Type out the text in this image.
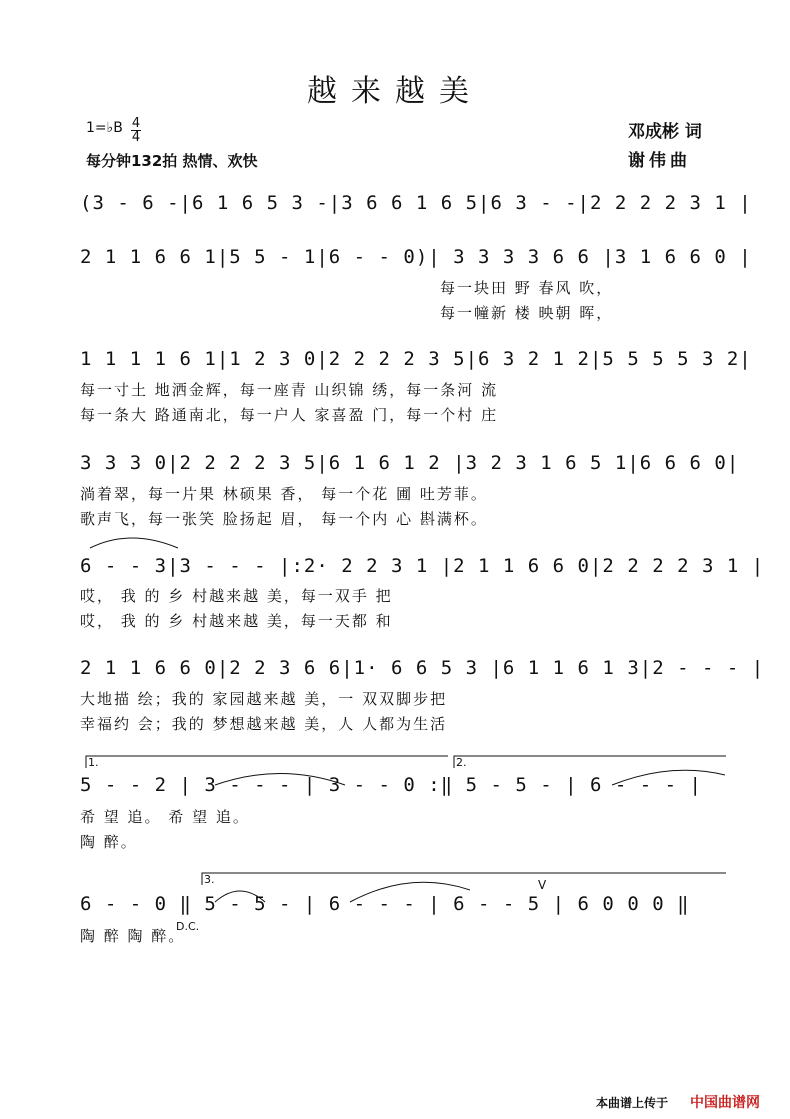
越来越美
1=♭B 4
4
每分钟132拍 热情、欢快
邓成彬 词
谢伟曲
(3 - 6 -|6 1 6 5 3 -|3 6 6 1 6 5|6 3 - -|2 2 2 2 3 1 |
2 1 1 6 6 1|5 5 - 1|6 - - 0)| 3 3 3 3 6 6 |3 1 6 6 0 |
每一块田 野 春风 吹，
每一幢新 楼 映朝 晖，
1 1 1 1 6 1|1 2 3 0|2 2 2 2 3 5|6 3 2 1 2|5 5 5 5 3 2|
每一寸土 地洒金辉，每一座青 山织锦 绣，每一条河 流
每一条大 路通南北，每一户人 家喜盈 门，每一个村 庄
3 3 3 0|2 2 2 2 3 5|6 1 6 1 2 |3 2 3 1 6 5 1|6 6 6 0|
淌着翠，每一片果 林硕果 香， 每一个花 圃 吐芳菲。
歌声飞，每一张笑 脸扬起 眉， 每一个内 心 斟满杯。
6 - - 3|3 - - - |:2· 2 2 3 1 |2 1 1 6 6 0|2 2 2 2 3 1 |
哎， 我 的 乡 村越来越 美，每一双手 把
哎， 我 的 乡 村越来越 美，每一天都 和
2 1 1 6 6 0|2 2 3 6 6|1· 6 6 5 3 |6 1 1 6 1 3|2 - - - |
大地描 绘；我的 家园越来越 美，一 双双脚步把
幸福约 会；我的 梦想越来越 美，人 人都为生活
1.	2.
5 - - 2 | 3 - - - | 3 - - 0 :‖ 5 - 5 - | 6 - - - |
希 望 追。 希 望 追。
陶 醉。
3.	V
6 - - 0 ‖ 5 - 5 - | 6 - - - | 6 - - 5 | 6 0 0 0 ‖
D.C.
陶 醉 陶 醉。
本曲谱上传于 中国曲谱网
